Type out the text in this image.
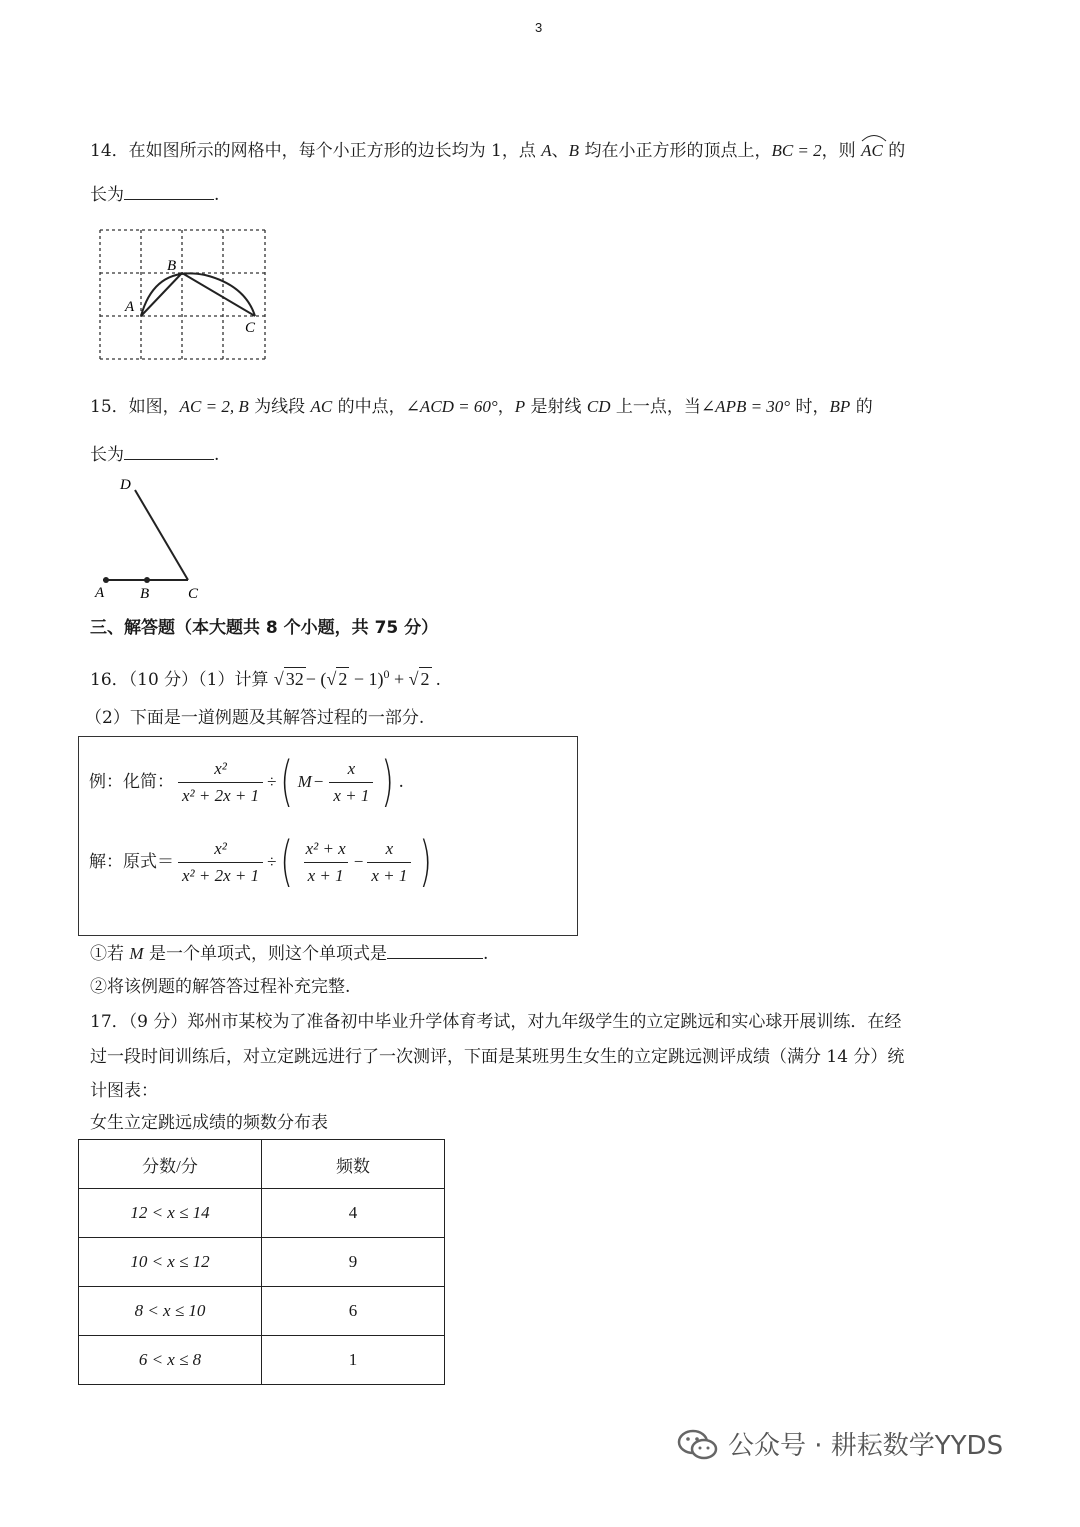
3
14．在如图所示的网格中，每个小正方形的边长均为 1，点 A、B 均在小正方形的顶点上，BC = 2，则
AC 的
长为	.
B
A
C
15．如图，AC = 2, B 为线段 AC 的中点，∠ACD = 60°，P 是射线 CD 上一点，当∠APB = 30° 时，BP 的
长为	.
D
A B	C
三、解答题（本大题共 8 个小题，共 75 分）
16．（10 分）（1）计算 √ 32 − (√ 2 − 1)$^0$ + √ 2 .
（2）下面是一道例题及其解答过程的一部分.
例：化简： $\frac{\text{x²}}{\text{x² + 2x + 1}}$ ÷ ( $M - \frac{x}{x + 1}$ ) .
解：原式＝ $\frac{\text{x²}}{\text{x² + 2x + 1}}$ ÷ ( $\frac{\text{x² + x}}{x + 1} - \frac{x}{x + 1}$ )
①若 M 是一个单项式，则这个单项式是	.
②将该例题的解答答过程补充完整.
17．（9 分）郑州市某校为了准备初中毕业升学体育考试，对九年级学生的立定跳远和实心球开展训练．在经
过一段时间训练后，对立定跳远进行了一次测评，下面是某班男生女生的立定跳远测评成绩（满分 14 分）统
计图表：
女生立定跳远成绩的频数分布表
分数/分	频数
12 < x ≤ 14	4
10 < x ≤ 12	9
8 < x ≤ 10	6
6 < x ≤ 8	1
公众号 · 耕耘数学YYDS
